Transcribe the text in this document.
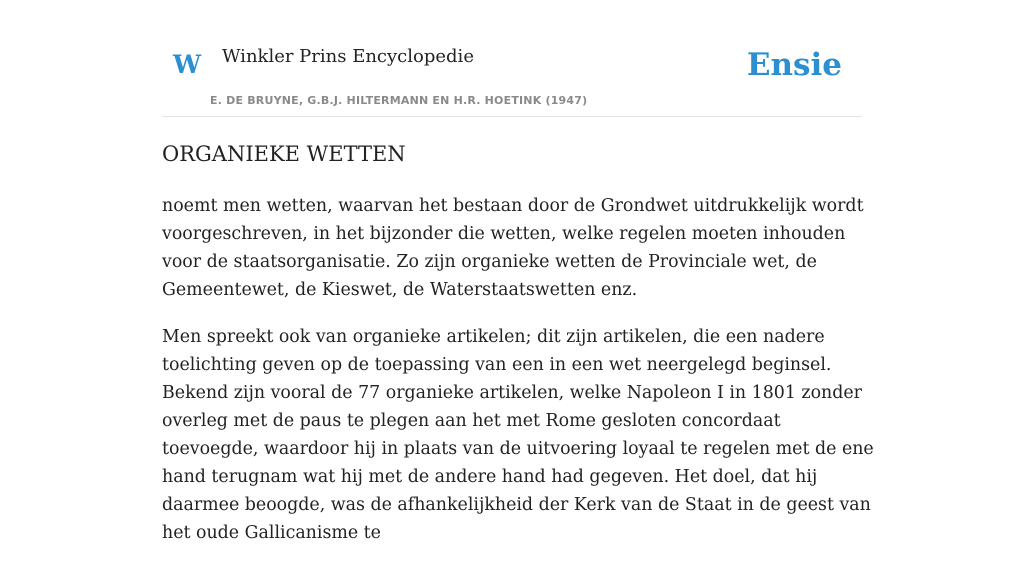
W Winkler Prins Encyclopedie
E. DE BRUYNE, G.B.J. HILTERMANN EN H.R. HOETINK (1947)
Ensie
ORGANIEKE WETTEN

noemt men wetten, waarvan het bestaan door de Grondwet uitdrukkelijk wordt voorgeschreven, in het bijzonder die wetten, welke regelen moeten inhouden voor de staatsorganisatie. Zo zijn organieke wetten de Provinciale wet, de Gemeentewet, de Kieswet, de Waterstaatswetten enz.

Men spreekt ook van organieke artikelen; dit zijn artikelen, die een nadere toelichting geven op de toepassing van een in een wet neergelegd beginsel. Bekend zijn vooral de 77 organieke artikelen, welke Napoleon I in 1801 zonder overleg met de paus te plegen aan het met Rome gesloten concordaat toevoegde, waardoor hij in plaats van de uitvoering loyaal te regelen met de ene hand terugnam wat hij met de andere hand had gegeven. Het doel, dat hij daarmee beoogde, was de afhankelijkheid der Kerk van de Staat in de geest van het oude Gallicanisme te
